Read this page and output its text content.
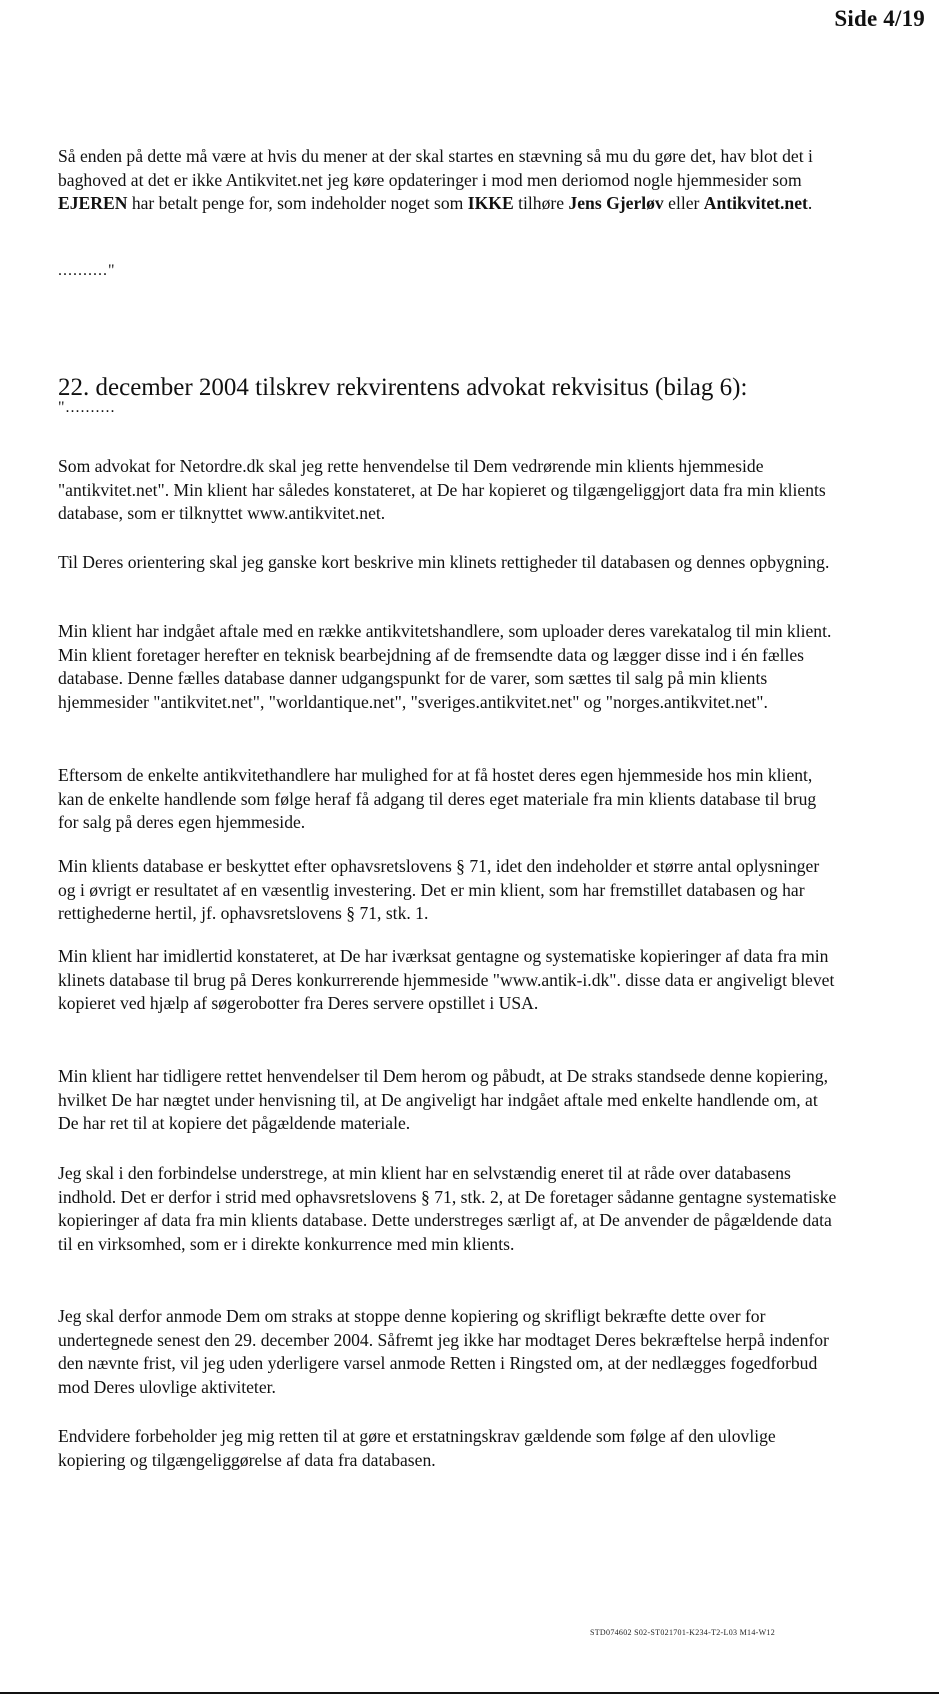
Side 4/19

Så enden på dette må være at hvis du mener at der skal startes en stævning så mu du gøre det, hav blot det i baghoved at det er ikke Antikvitet.net jeg køre opdateringer i mod men deriomod nogle hjemmesider som EJEREN har betalt penge for, som indeholder noget som IKKE tilhøre Jens Gjerløv eller Antikvitet.net.

.........."
22. december 2004 tilskrev rekvirentens advokat rekvisitus (bilag 6):
"..........

Som advokat for Netordre.dk skal jeg rette henvendelse til Dem vedrørende min klients hjemmeside "antikvitet.net". Min klient har således konstateret, at De har kopieret og tilgængeliggjort data fra min klients database, som er tilknyttet www.antikvitet.net.

Til Deres orientering skal jeg ganske kort beskrive min klinets rettigheder til databasen og dennes opbygning.

Min klient har indgået aftale med en række antikvitetshandlere, som uploader deres varekatalog til min klient. Min klient foretager herefter en teknisk bearbejdning af de fremsendte data og lægger disse ind i én fælles database. Denne fælles database danner udgangspunkt for de varer, som sættes til salg på min klients hjemmesider "antikvitet.net", "worldantique.net", "sveriges.antikvitet.net" og "norges.antikvitet.net".

Eftersom de enkelte antikvitethandlere har mulighed for at få hostet deres egen hjemmeside hos min klient, kan de enkelte handlende som følge heraf få adgang til deres eget materiale fra min klients database til brug for salg på deres egen hjemmeside.

Min klients database er beskyttet efter ophavsretslovens § 71, idet den indeholder et større antal oplysninger og i øvrigt er resultatet af en væsentlig investering. Det er min klient, som har fremstillet databasen og har rettighederne hertil, jf. ophavsretslovens § 71, stk. 1.

Min klient har imidlertid konstateret, at De har iværksat gentagne og systematiske kopieringer af data fra min klinets database til brug på Deres konkurrerende hjemmeside "www.antik-i.dk". disse data er angiveligt blevet kopieret ved hjælp af søgerobotter fra Deres servere opstillet i USA.

Min klient har tidligere rettet henvendelser til Dem herom og påbudt, at De straks standsede denne kopiering, hvilket De har nægtet under henvisning til, at De angiveligt har indgået aftale med enkelte handlende om, at De har ret til at kopiere det pågældende materiale.

Jeg skal i den forbindelse understrege, at min klient har en selvstændig eneret til at råde over databasens indhold. Det er derfor i strid med ophavsretslovens § 71, stk. 2, at De foretager sådanne gentagne systematiske kopieringer af data fra min klients database. Dette understreges særligt af, at De anvender de pågældende data til en virksomhed, som er i direkte konkurrence med min klients.

Jeg skal derfor anmode Dem om straks at stoppe denne kopiering og skrifligt bekræfte dette over for undertegnede senest den 29. december 2004. Såfremt jeg ikke har modtaget Deres bekræftelse herpå indenfor den nævnte frist, vil jeg uden yderligere varsel anmode Retten i Ringsted om, at der nedlægges fogedforbud mod Deres ulovlige aktiviteter.

Endvidere forbeholder jeg mig retten til at gøre et erstatningskrav gældende som følge af den ulovlige kopiering og tilgængeliggørelse af data fra databasen.

STD074602 S02-ST021701-K234-T2-L03 M14-W12
